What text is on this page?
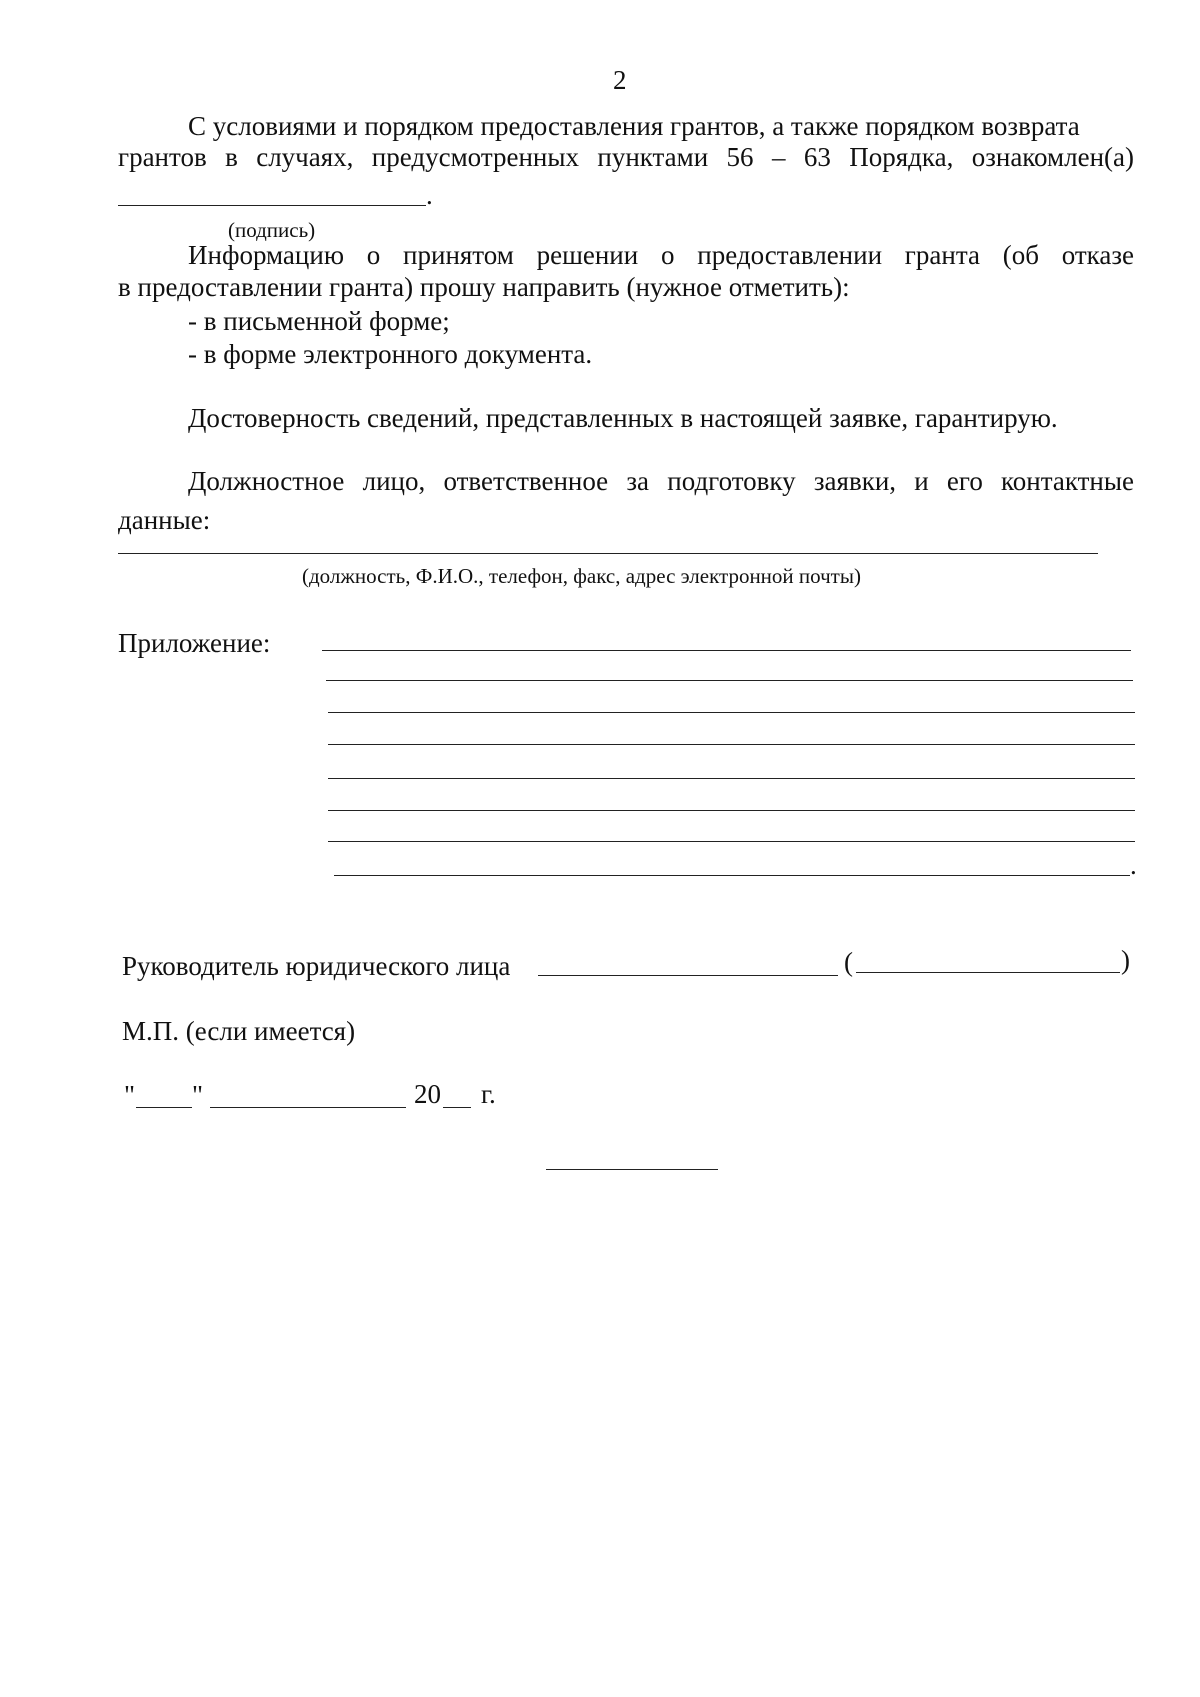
2
С условиями и порядком предоставления грантов, а также порядком возврата
грантов в случаях, предусмотренных пунктами 56 – 63 Порядка, ознакомлен(а)
.
(подпись)
Информацию о принятом решении о предоставлении гранта (об отказе
в предоставлении гранта) прошу направить (нужное отметить):
- в письменной форме;
- в форме электронного документа.
Достоверность сведений, представленных в настоящей заявке, гарантирую.
Должностное лицо, ответственное за подготовку заявки, и его контактные
данные:
(должность, Ф.И.О., телефон, факс, адрес электронной почты)
Приложение:
.
Руководитель юридического лица	(	)
М.П. (если имеется)
" "	20 г.
